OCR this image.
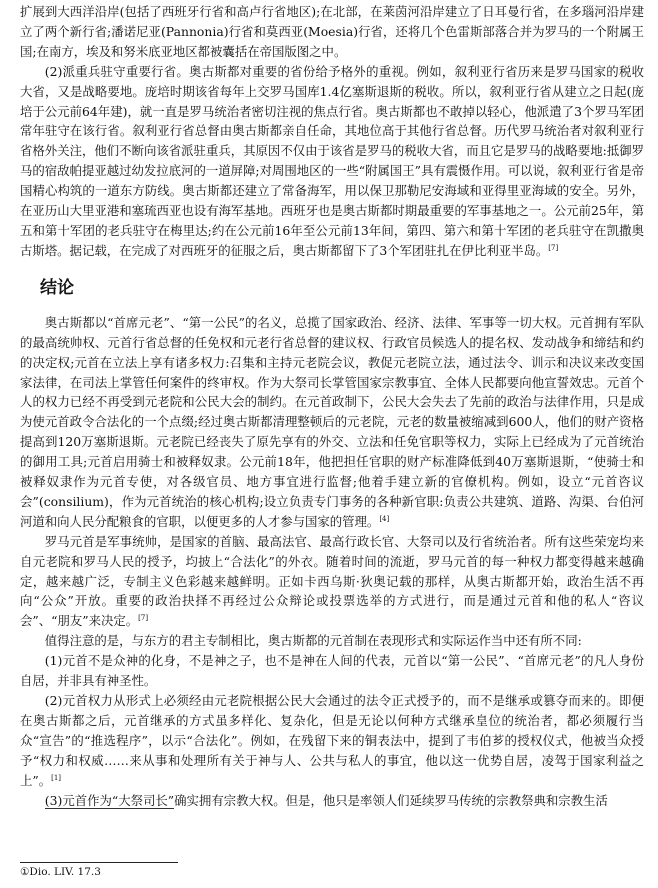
扩展到大西洋沿岸(包括了西班牙行省和高卢行省地区);在北部，在莱茵河沿岸建立了日耳曼行省，在多瑙河沿岸建立了两个新行省;潘诺尼亚(Pannonia)行省和莫西亚(Moesia)行省，还将几个色雷斯部落合并为罗马的一个附属王国;在南方，埃及和努米底亚地区都被囊括在帝国版图之中。

(2)派重兵驻守重要行省。奥古斯都对重要的省份给予格外的重视。例如，叙利亚行省历来是罗马国家的税收大省，又是战略要地。庞培时期该省每年上交罗马国库1.4亿塞斯退斯的税收。所以，叙利亚行省从建立之日起(庞培于公元前64年建)，就一直是罗马统治者密切注视的焦点行省。奥古斯都也不敢掉以轻心，他派遣了3个罗马军团常年驻守在该行省。叙利亚行省总督由奥古斯都亲自任命，其地位高于其他行省总督。历代罗马统治者对叙利亚行省格外关注，他们不断向该省派驻重兵，其原因不仅由于该省是罗马的税收大省，而且它是罗马的战略要地:抵御罗马的宿敌帕提亚越过幼发拉底河的一道屏障;对周围地区的一些“附属国王”具有震慑作用。可以说，叙利亚行省是帝国精心构筑的一道东方防线。奥古斯都还建立了常备海军，用以保卫那勒尼安海域和亚得里亚海域的安全。另外，在亚历山大里亚港和塞琉西亚也设有海军基地。西班牙也是奥古斯都时期最重要的军事基地之一。公元前25年，第五和第十军团的老兵驻守在梅里达;约在公元前16年至公元前13年间，第四、第六和第十军团的老兵驻守在凯撒奥古斯塔。据记载，在完成了对西班牙的征服之后，奥古斯都留下了3个军团驻扎在伊比利亚半岛。[7]

结论

奥古斯都以“首席元老”、“第一公民”的名义，总揽了国家政治、经济、法律、军事等一切大权。元首拥有军队的最高统帅权、元首行省总督的任免权和元老行省总督的建议权、行政官员候选人的提名权、发动战争和缔结和约的决定权;元首在立法上享有诸多权力:召集和主持元老院会议，教促元老院立法，通过法令、训示和决议来改变国家法律，在司法上掌管任何案件的终审权。作为大祭司长掌管国家宗教事宜、全体人民都要向他宣誓效忠。元首个人的权力已经不再受到元老院和公民大会的制约。在元首政制下，公民大会失去了先前的政治与法律作用，只是成为使元首政令合法化的一个点缀;经过奥古斯都清理整顿后的元老院，元老的数量被缩减到600人，他们的财产资格提高到120万塞斯退斯。元老院已经丧失了原先享有的外交、立法和任免官职等权力，实际上已经成为了元首统治的御用工具;元首启用骑士和被释奴隶。公元前18年，他把担任官职的财产标准降低到40万塞斯退斯，“使骑士和被释奴隶作为元首专使，对各级官员、地方事宜进行监督;他着手建立新的官僚机构。例如，设立“元首咨议会”(consilium)，作为元首统治的核心机构;设立负责专门事务的各种新官职:负责公共建筑、道路、沟渠、台伯河河道和向人民分配粮食的官职，以便更多的人才参与国家的管理。[4]

罗马元首是军事统帅，是国家的首脑、最高法官、最高行政长官、大祭司以及行省统治者。所有这些荣宠均来自元老院和罗马人民的授予，均披上“合法化”的外衣。随着时间的流逝，罗马元首的每一种权力都变得越来越确定，越来越广泛，专制主义色彩越来越鲜明。正如卡西乌斯·狄奥记载的那样，从奥古斯都开始，政治生活不再向“公众”开放。重要的政治抉择不再经过公众辩论或投票选举的方式进行，而是通过元首和他的私人“咨议会”、“朋友”来决定。[7]

值得注意的是，与东方的君主专制相比，奥古斯都的元首制在表现形式和实际运作当中还有所不同:

(1)元首不是众神的化身，不是神之子，也不是神在人间的代表，元首以“第一公民”、“首席元老”的凡人身份自居，并非具有神圣性。

(2)元首权力从形式上必须经由元老院根据公民大会通过的法令正式授予的，而不是继承或篡夺而来的。即便在奥古斯都之后，元首继承的方式虽多样化、复杂化，但是无论以何种方式继承皇位的统治者，都必须履行当众“宣告”的“推选程序”，以示“合法化”。例如，在残留下来的铜表法中，提到了韦伯芗的授权仪式，他被当众授予“权力和权威……来从事和处理所有关于神与人、公共与私人的事宜，他以这一优势自居，凌驾于国家利益之上”。[1]

(3)元首作为“大祭司长”确实拥有宗教大权。但是，他只是率领人们延续罗马传统的宗教祭典和宗教生活

①Dio. LIV. 17.3
